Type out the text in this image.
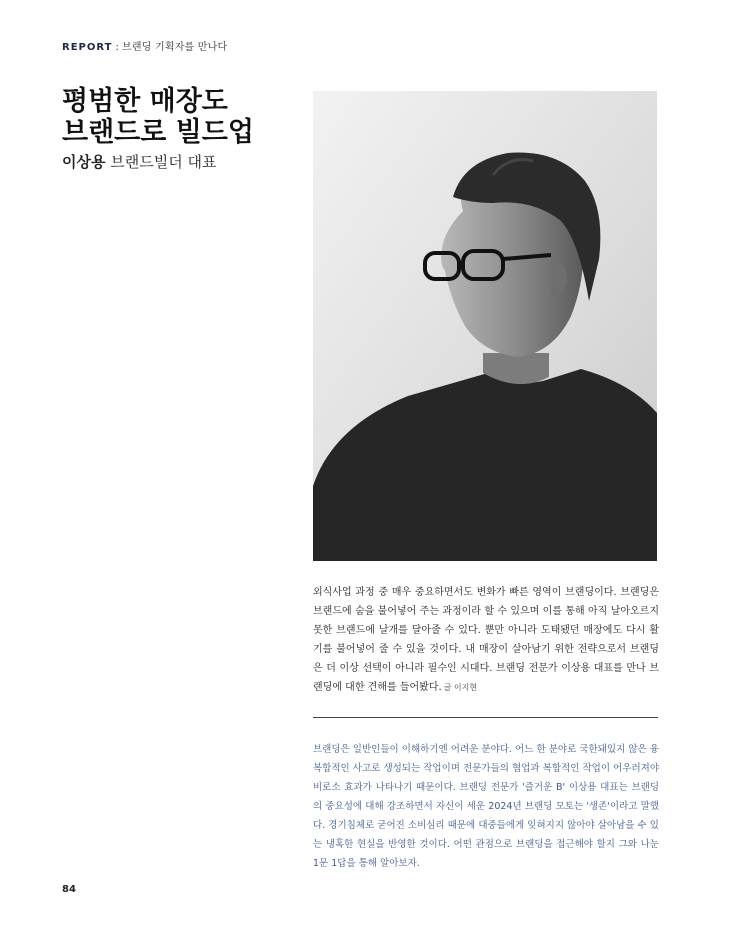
REPORT : 브랜딩 기획자를 만나다
평범한 매장도
브랜드로 빌드업
이상용 브랜드빌더 대표

외식사업 과정 중 매우 중요하면서도 변화가 빠른 영역이 브랜딩이다. 브랜딩은 브랜드에 숨을 불어넣어 주는 과정이라 할 수 있으며 이를 통해 아직 날아오르지 못한 브랜드에 날개를 달아줄 수 있다. 뿐만 아니라 도태됐던 매장에도 다시 활기를 불어넣어 줄 수 있을 것이다. 내 매장이 살아남기 위한 전략으로서 브랜딩은 더 이상 선택이 아니라 필수인 시대다. 브랜딩 전문가 이상용 대표를 만나 브랜딩에 대한 견해를 들어봤다. 글 이지현

브랜딩은 일반인들이 이해하기엔 어려운 분야다. 어느 한 분야로 국한돼있지 않은 융복합적인 사고로 생성되는 작업이며 전문가들의 협업과 복합적인 작업이 어우러져야 비로소 효과가 나타나기 때문이다. 브랜딩 전문가 '즐거운 B' 이상용 대표는 브랜딩의 중요성에 대해 강조하면서 자신이 세운 2024년 브랜딩 모토는 '생존'이라고 말했다. 경기침체로 굳어진 소비심리 때문에 대중들에게 잊혀지지 않아야 살아남을 수 있는 냉혹한 현실을 반영한 것이다. 어떤 관점으로 브랜딩을 접근해야 할지 그와 나눈 1문 1답을 통해 알아보자.

84
